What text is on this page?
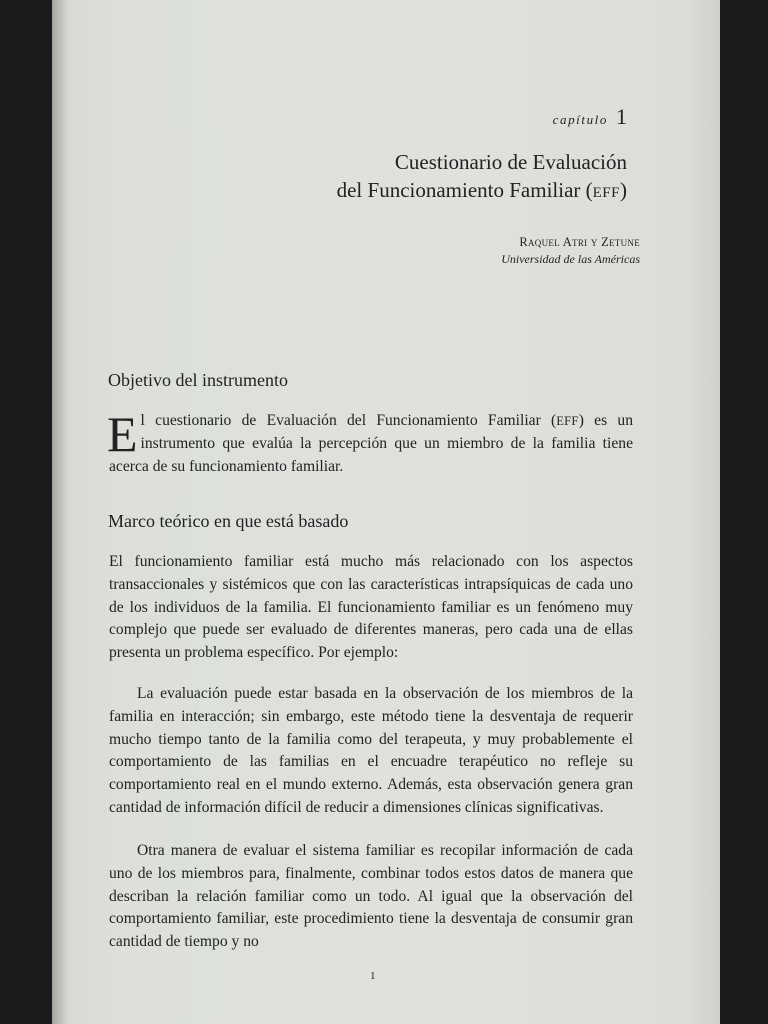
capítulo 1
Cuestionario de Evaluación
del Funcionamiento Familiar (EFF)
Raquel Atri y Zetune
Universidad de las Américas
Objetivo del instrumento

El cuestionario de Evaluación del Funcionamiento Familiar (EFF) es un instrumento que evalúa la percepción que un miembro de la familia tiene acerca de su funcionamiento familiar.

Marco teórico en que está basado

El funcionamiento familiar está mucho más relacionado con los aspectos transaccionales y sistémicos que con las características intrapsíquicas de cada uno de los individuos de la familia. El funcionamiento familiar es un fenómeno muy complejo que puede ser evaluado de diferentes maneras, pero cada una de ellas presenta un problema específico. Por ejemplo:

La evaluación puede estar basada en la observación de los miembros de la familia en interacción; sin embargo, este método tiene la desventaja de requerir mucho tiempo tanto de la familia como del terapeuta, y muy probablemente el comportamiento de las familias en el encuadre terapéutico no refleje su comportamiento real en el mundo externo. Además, esta observación genera gran cantidad de información difícil de reducir a dimensiones clínicas significativas.

Otra manera de evaluar el sistema familiar es recopilar información de cada uno de los miembros para, finalmente, combinar todos estos datos de manera que describan la relación familiar como un todo. Al igual que la observación del comportamiento familiar, este procedimiento tiene la desventaja de consumir gran cantidad de tiempo y no

1
